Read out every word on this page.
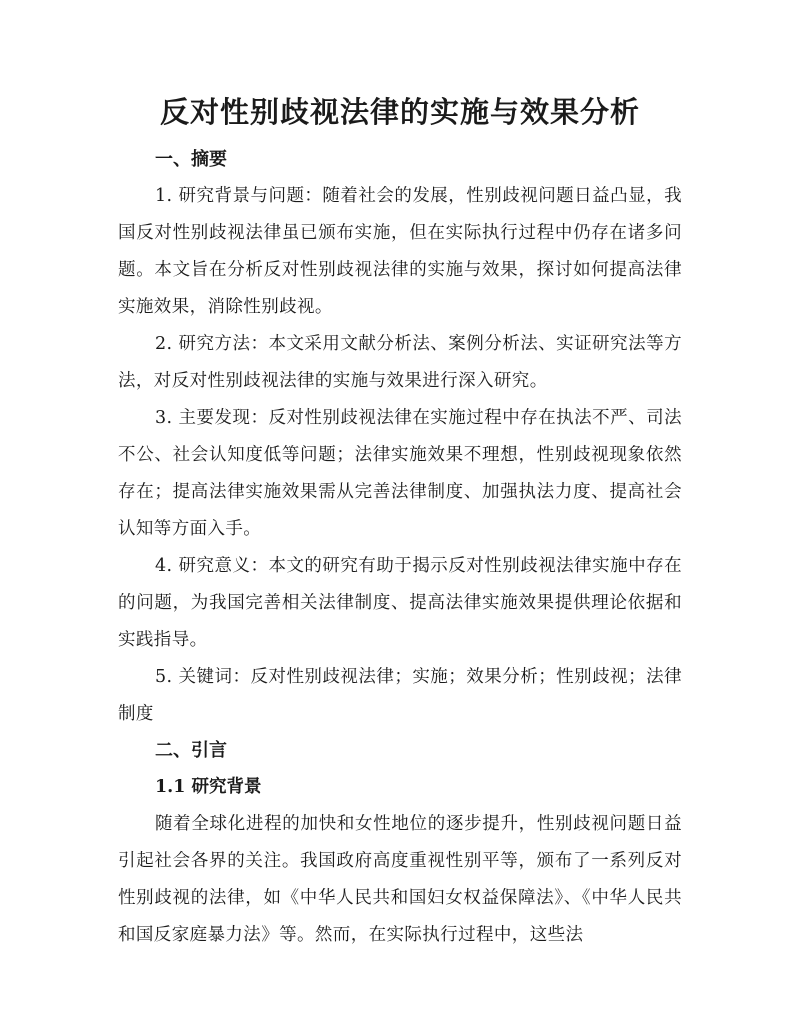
反对性别歧视法律的实施与效果分析
一、摘要

1. 研究背景与问题：随着社会的发展，性别歧视问题日益凸显，我国反对性别歧视法律虽已颁布实施，但在实际执行过程中仍存在诸多问题。本文旨在分析反对性别歧视法律的实施与效果，探讨如何提高法律实施效果，消除性别歧视。

2. 研究方法：本文采用文献分析法、案例分析法、实证研究法等方法，对反对性别歧视法律的实施与效果进行深入研究。

3. 主要发现：反对性别歧视法律在实施过程中存在执法不严、司法不公、社会认知度低等问题；法律实施效果不理想，性别歧视现象依然存在；提高法律实施效果需从完善法律制度、加强执法力度、提高社会认知等方面入手。

4. 研究意义：本文的研究有助于揭示反对性别歧视法律实施中存在的问题，为我国完善相关法律制度、提高法律实施效果提供理论依据和实践指导。

5. 关键词：反对性别歧视法律；实施；效果分析；性别歧视；法律制度

二、引言
1.1 研究背景

随着全球化进程的加快和女性地位的逐步提升，性别歧视问题日益引起社会各界的关注。我国政府高度重视性别平等，颁布了一系列反对性别歧视的法律，如《中华人民共和国妇女权益保障法》、《中华人民共和国反家庭暴力法》等。然而，在实际执行过程中，这些法
